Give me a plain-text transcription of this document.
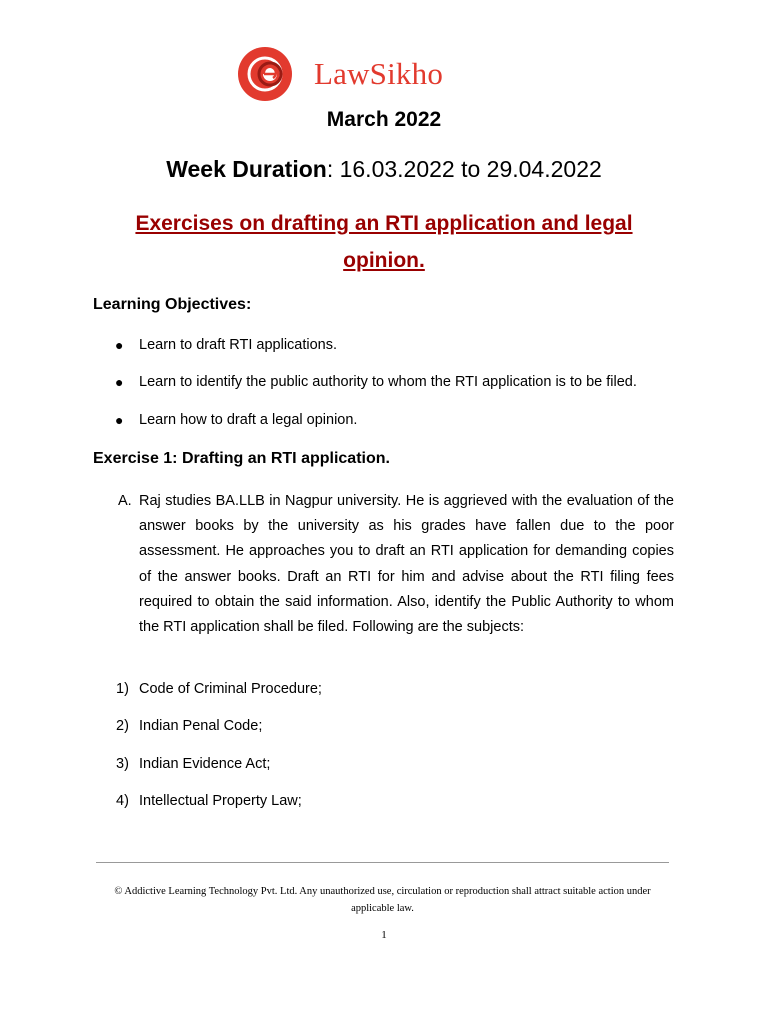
LawSikho
March 2022
Week Duration: 16.03.2022 to 29.04.2022
Exercises on drafting an RTI application and legal
opinion.
Learning Objectives:
●	Learn to draft RTI applications.
●	Learn to identify the public authority to whom the RTI application is to be filed.
●	Learn how to draft a legal opinion.
Exercise 1: Drafting an RTI application.
A. Raj studies BA.LLB in Nagpur university. He is aggrieved with the evaluation of the answer books by the university as his grades have fallen due to the poor assessment. He approaches you to draft an RTI application for demanding copies of the answer books. Draft an RTI for him and advise about the RTI filing fees required to obtain the said information. Also, identify the Public Authority to whom the RTI application shall be filed. Following are the subjects:
1) Code of Criminal Procedure;
2) Indian Penal Code;
3) Indian Evidence Act;
4) Intellectual Property Law;
© Addictive Learning Technology Pvt. Ltd. Any unauthorized use, circulation or reproduction shall attract suitable action under applicable law.
1
